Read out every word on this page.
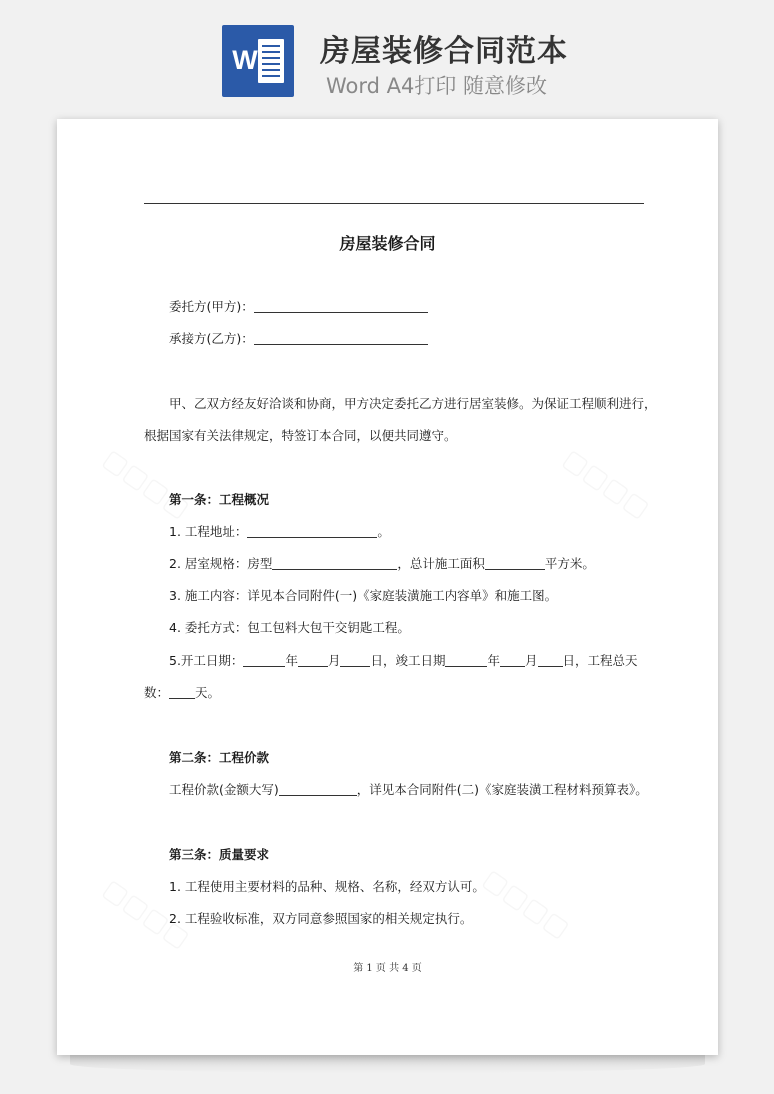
W 房屋装修合同范本
Word A4打印 随意修改
房屋装修合同
委托方(甲方)：
承接方(乙方)：
甲、乙双方经友好洽谈和协商，甲方决定委托乙方进行居室装修。为保证工程顺利进行，
根据国家有关法律规定，特签订本合同，以便共同遵守。
第一条：工程概况
1. 工程地址：	。
2. 居室规格：房型	，总计施工面积	平方米。
3. 施工内容：详见本合同附件(一)《家庭装潢施工内容单》和施工图。
4. 委托方式：包工包料大包干交钥匙工程。
5.开工日期：	年 月 日，竣工日期	年 月 日，工程总天
数： 天。
第二条：工程价款
工程价款(金额大写)	，详见本合同附件(二)《家庭装潢工程材料预算表》。
第三条：质量要求
1. 工程使用主要材料的品种、规格、名称，经双方认可。
2. 工程验收标准，双方同意参照国家的相关规定执行。
第 1 页 共 4 页
